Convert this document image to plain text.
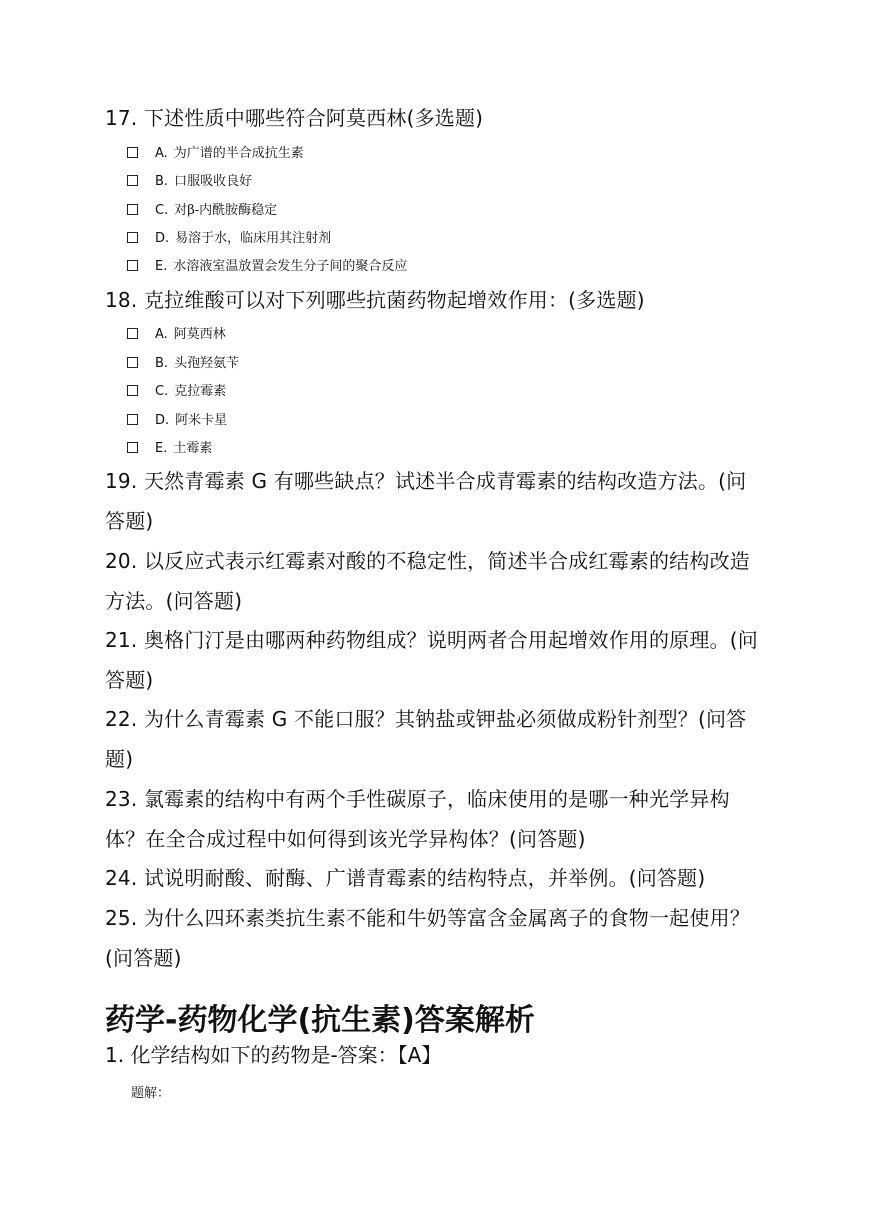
17. 下述性质中哪些符合阿莫西林(多选题)
A. 为广谱的半合成抗生素
B. 口服吸收良好
C. 对β-内酰胺酶稳定
D. 易溶于水，临床用其注射剂
E. 水溶液室温放置会发生分子间的聚合反应
18. 克拉维酸可以对下列哪些抗菌药物起增效作用：(多选题)
A. 阿莫西林
B. 头孢羟氨苄
C. 克拉霉素
D. 阿米卡星
E. 土霉素
19. 天然青霉素 G 有哪些缺点？试述半合成青霉素的结构改造方法。(问答题)
20. 以反应式表示红霉素对酸的不稳定性，简述半合成红霉素的结构改造方法。(问答题)
21. 奥格门汀是由哪两种药物组成？说明两者合用起增效作用的原理。(问答题)
22. 为什么青霉素 G 不能口服？其钠盐或钾盐必须做成粉针剂型？(问答题)
23. 氯霉素的结构中有两个手性碳原子，临床使用的是哪一种光学异构体？在全合成过程中如何得到该光学异构体？(问答题)
24. 试说明耐酸、耐酶、广谱青霉素的结构特点，并举例。(问答题)
25. 为什么四环素类抗生素不能和牛奶等富含金属离子的食物一起使用？(问答题)
药学-药物化学(抗生素)答案解析
1. 化学结构如下的药物是-答案：【A】
题解：
